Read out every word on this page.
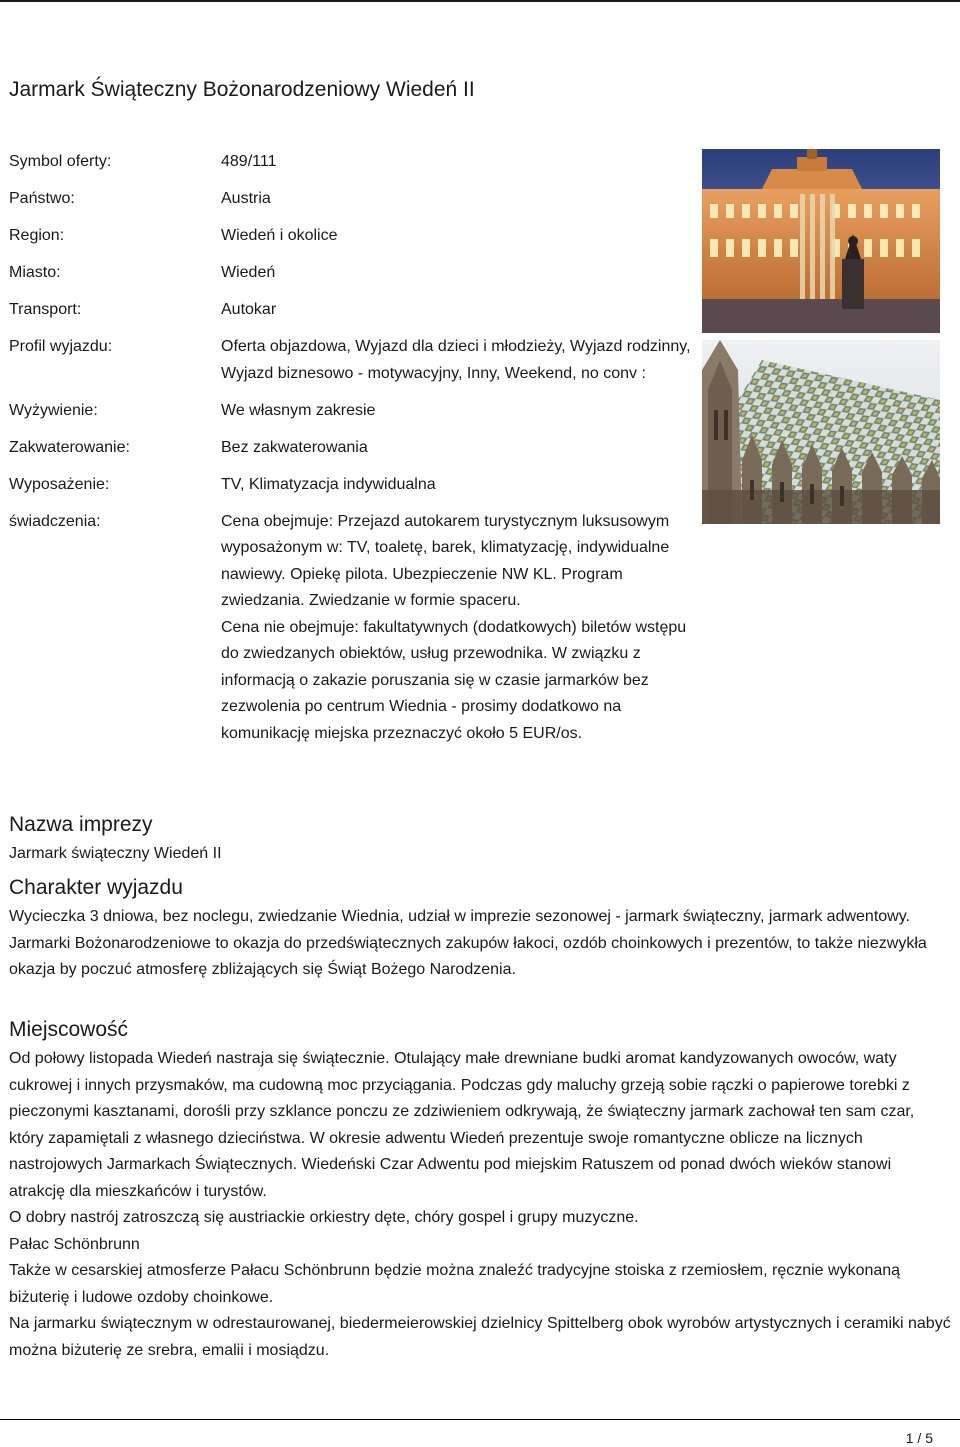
Jarmark Świąteczny Bożonarodzeniowy Wiedeń II
Symbol oferty:	489/111
Państwo:	Austria
Region:	Wiedeń i okolice
Miasto:	Wiedeń
Transport:	Autokar
Profil wyjazdu:	Oferta objazdowa, Wyjazd dla dzieci i młodzieży, Wyjazd rodzinny, Wyjazd biznesowo - motywacyjny, Inny, Weekend, no conv :
Wyżywienie:	We własnym zakresie
Zakwaterowanie:	Bez zakwaterowania
Wyposażenie:	TV, Klimatyzacja indywidualna
świadczenia:	Cena obejmuje: Przejazd autokarem turystycznym luksusowym wyposażonym w: TV, toaletę, barek, klimatyzację, indywidualne nawiewy. Opiekę pilota. Ubezpieczenie NW KL. Program zwiedzania. Zwiedzanie w formie spaceru.
Cena nie obejmuje: fakultatywnych (dodatkowych) biletów wstępu do zwiedzanych obiektów, usług przewodnika. W związku z informacją o zakazie poruszania się w czasie jarmarków bez zezwolenia po centrum Wiednia - prosimy dodatkowo na komunikację miejska przeznaczyć około 5 EUR/os.
Nazwa imprezy

Jarmark świąteczny Wiedeń II

Charakter wyjazdu

Wycieczka 3 dniowa, bez noclegu, zwiedzanie Wiednia, udział w imprezie sezonowej - jarmark świąteczny, jarmark adwentowy.

Jarmarki Bożonarodzeniowe to okazja do przedświątecznych zakupów łakoci, ozdób choinkowych i prezentów, to także niezwykła okazja by poczuć atmosferę zbliżających się Świąt Bożego Narodzenia.

Miejscowość

Od połowy listopada Wiedeń nastraja się świątecznie. Otulający małe drewniane budki aromat kandyzowanych owoców, waty cukrowej i innych przysmaków, ma cudowną moc przyciągania. Podczas gdy maluchy grzeją sobie rączki o papierowe torebki z pieczonymi kasztanami, dorośli przy szklance ponczu ze zdziwieniem odkrywają, że świąteczny jarmark zachował ten sam czar, który zapamiętali z własnego dzieciństwa. W okresie adwentu Wiedeń prezentuje swoje romantyczne oblicze na licznych nastrojowych Jarmarkach Świątecznych. Wiedeński Czar Adwentu pod miejskim Ratuszem od ponad dwóch wieków stanowi atrakcję dla mieszkańców i turystów.

O dobry nastrój zatroszczą się austriackie orkiestry dęte, chóry gospel i grupy muzyczne.

Pałac Schönbrunn

Także w cesarskiej atmosferze Pałacu Schönbrunn będzie można znaleźć tradycyjne stoiska z rzemiosłem, ręcznie wykonaną biżuterię i ludowe ozdoby choinkowe.

Na jarmarku świątecznym w odrestaurowanej, biedermeierowskiej dzielnicy Spittelberg obok wyrobów artystycznych i ceramiki nabyć można biżuterię ze srebra, emalii i mosiądzu.

1 / 5
